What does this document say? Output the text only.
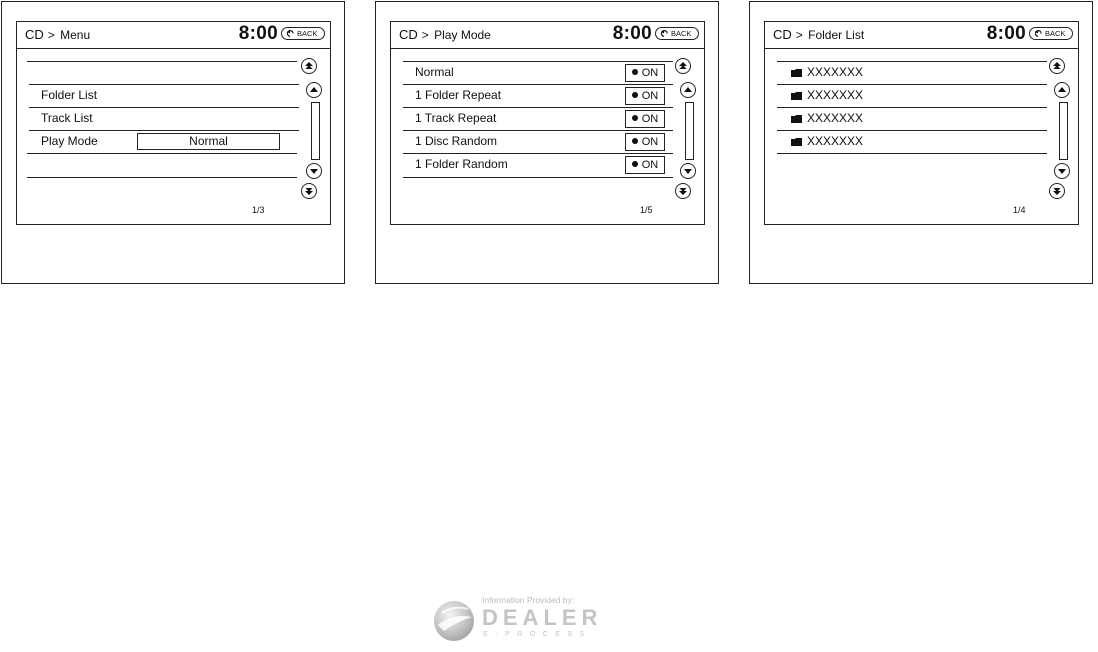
CD > Menu	8:00	BACK
Folder List
Track List
Play Mode	Normal
1/3
CD > Play Mode	8:00	BACK
Normal	ON
1 Folder Repeat	ON
1 Track Repeat	ON
1 Disc Random	ON
1 Folder Random	ON
1/5
CD > Folder List	8:00	BACK
XXXXXXX
XXXXXXX
XXXXXXX
XXXXXXX
1/4
Information Provided by:
DEALER
E-PROCESS
